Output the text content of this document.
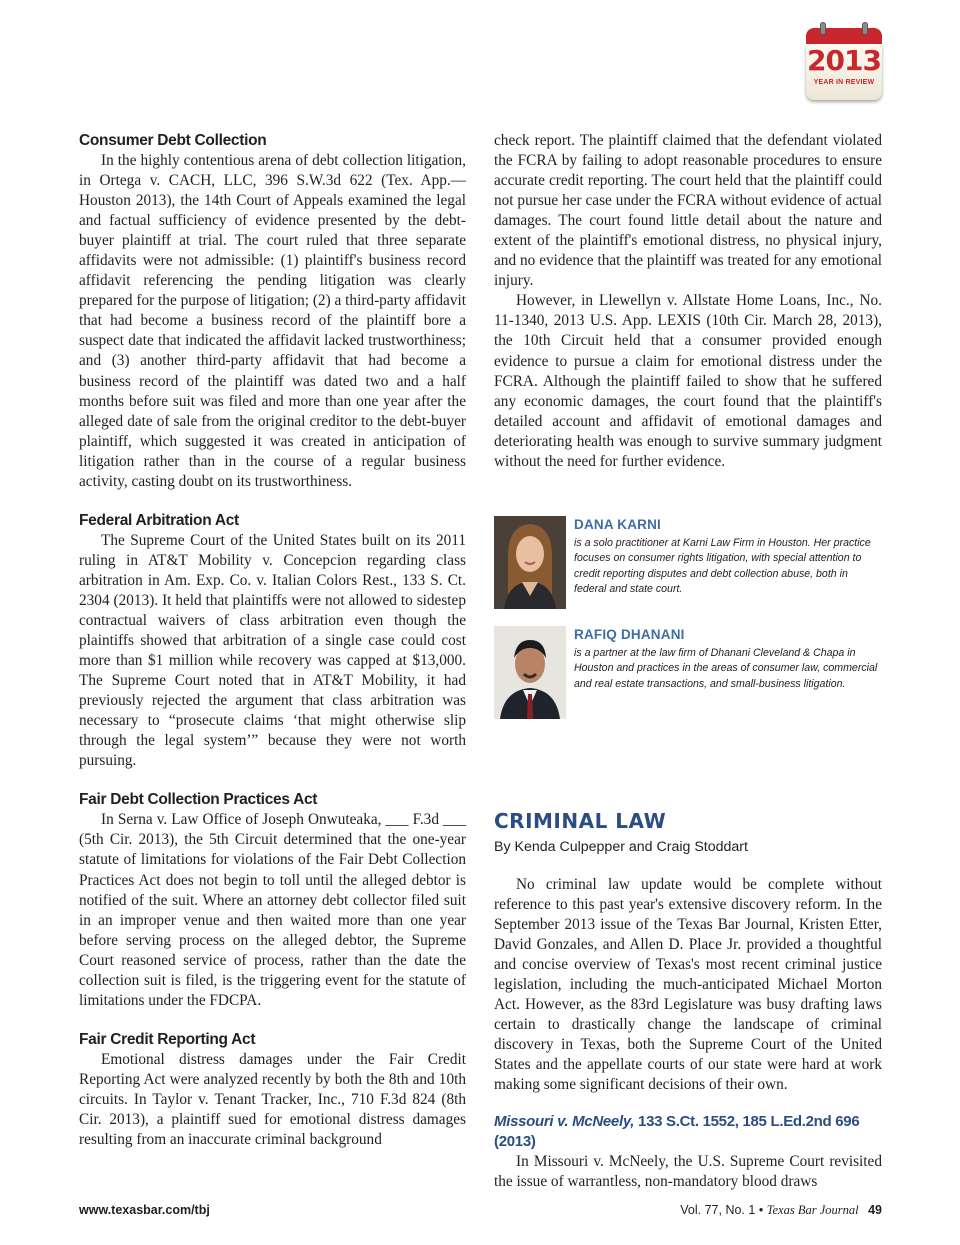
2013
YEAR IN REVIEW
Consumer Debt Collection

In the highly contentious arena of debt collection litigation, in Ortega v. CACH, LLC, 396 S.W.3d 622 (Tex. App.—Houston 2013), the 14th Court of Appeals examined the legal and factual sufficiency of evidence presented by the debt-buyer plaintiff at trial. The court ruled that three separate affidavits were not admissible: (1) plaintiff's business record affidavit referencing the pending litigation was clearly prepared for the purpose of litigation; (2) a third-party affidavit that had become a business record of the plaintiff bore a suspect date that indicated the affidavit lacked trustworthiness; and (3) another third-party affidavit that had become a business record of the plaintiff was dated two and a half months before suit was filed and more than one year after the alleged date of sale from the original creditor to the debt-buyer plaintiff, which suggested it was created in anticipation of litigation rather than in the course of a regular business activity, casting doubt on its trustworthiness.

Federal Arbitration Act

The Supreme Court of the United States built on its 2011 ruling in AT&T Mobility v. Concepcion regarding class arbitration in Am. Exp. Co. v. Italian Colors Rest., 133 S. Ct. 2304 (2013). It held that plaintiffs were not allowed to sidestep contractual waivers of class arbitration even though the plaintiffs showed that arbitration of a single case could cost more than $1 million while recovery was capped at $13,000. The Supreme Court noted that in AT&T Mobility, it had previously rejected the argument that class arbitration was necessary to “prosecute claims ‘that might otherwise slip through the legal system’” because they were not worth pursuing.

Fair Debt Collection Practices Act

In Serna v. Law Office of Joseph Onwuteaka, ___ F.3d ___ (5th Cir. 2013), the 5th Circuit determined that the one-year statute of limitations for violations of the Fair Debt Collection Practices Act does not begin to toll until the alleged debtor is notified of the suit. Where an attorney debt collector filed suit in an improper venue and then waited more than one year before serving process on the alleged debtor, the Supreme Court reasoned service of process, rather than the date the collection suit is filed, is the triggering event for the statute of limitations under the FDCPA.

Fair Credit Reporting Act

Emotional distress damages under the Fair Credit Reporting Act were analyzed recently by both the 8th and 10th circuits. In Taylor v. Tenant Tracker, Inc., 710 F.3d 824 (8th Cir. 2013), a plaintiff sued for emotional distress damages resulting from an inaccurate criminal background

check report. The plaintiff claimed that the defendant violated the FCRA by failing to adopt reasonable procedures to ensure accurate credit reporting. The court held that the plaintiff could not pursue her case under the FCRA without evidence of actual damages. The court found little detail about the nature and extent of the plaintiff's emotional distress, no physical injury, and no evidence that the plaintiff was treated for any emotional injury.

However, in Llewellyn v. Allstate Home Loans, Inc., No. 11-1340, 2013 U.S. App. LEXIS (10th Cir. March 28, 2013), the 10th Circuit held that a consumer provided enough evidence to pursue a claim for emotional distress under the FCRA. Although the plaintiff failed to show that he suffered any economic damages, the court found that the plaintiff's detailed account and affidavit of emotional damages and deteriorating health was enough to survive summary judgment without the need for further evidence.

DANA KARNI
is a solo practitioner at Karni Law Firm in Houston. Her practice focuses on consumer rights litigation, with special attention to credit reporting disputes and debt collection abuse, both in federal and state court.
RAFIQ DHANANI
is a partner at the law firm of Dhanani Cleveland & Chapa in Houston and practices in the areas of consumer law, commercial and real estate transactions, and small-business litigation.
CRIMINAL LAW
By Kenda Culpepper and Craig Stoddart

No criminal law update would be complete without reference to this past year's extensive discovery reform. In the September 2013 issue of the Texas Bar Journal, Kristen Etter, David Gonzales, and Allen D. Place Jr. provided a thoughtful and concise overview of Texas's most recent criminal justice legislation, including the much-anticipated Michael Morton Act. However, as the 83rd Legislature was busy drafting laws certain to drastically change the landscape of criminal discovery in Texas, both the Supreme Court of the United States and the appellate courts of our state were hard at work making some significant decisions of their own.

Missouri v. McNeely, 133 S.Ct. 1552, 185 L.Ed.2nd 696 (2013)

In Missouri v. McNeely, the U.S. Supreme Court revisited the issue of warrantless, non-mandatory blood draws

www.texasbar.com/tbj	Vol. 77, No. 1 • Texas Bar Journal 49
